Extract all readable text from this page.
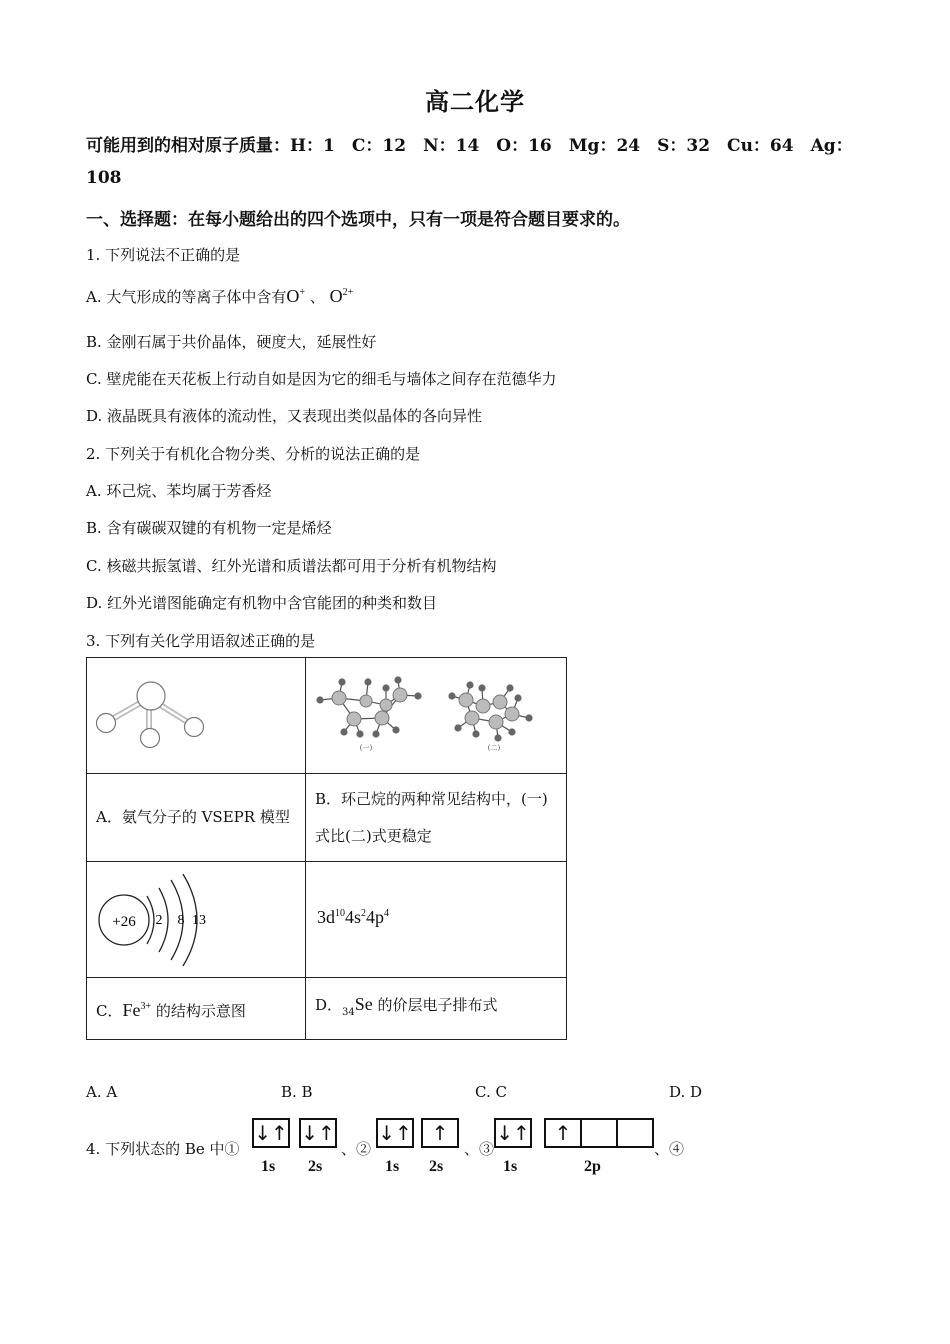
高二化学
可能用到的相对原子质量：H：1　C：12　N：14　O：16　Mg：24　S：32　Cu：64　Ag：
108
一、选择题：在每小题给出的四个选项中，只有一项是符合题目要求的。
1. 下列说法不正确的是
A. 大气形成的等离子体中含有O+ 、 $O^{2+}$
B. 金刚石属于共价晶体，硬度大，延展性好
C. 壁虎能在天花板上行动自如是因为它的细毛与墙体之间存在范德华力
D. 液晶既具有液体的流动性，又表现出类似晶体的各向异性
2. 下列关于有机化合物分类、分析的说法正确的是
A. 环己烷、苯均属于芳香烃
B. 含有碳碳双键的有机物一定是烯烃
C. 核磁共振氢谱、红外光谱和质谱法都可用于分析有机物结构
D. 红外光谱图能确定有机物中含官能团的种类和数目
3. 下列有关化学用语叙述正确的是

(一) (二)

A．氨气分子的 VSEPR 模型	B．环己烷的两种常见结构中，(一)式比(二)式更稳定

+26 2 8 13	$3d^{10}4s^24p^4$

C．$Fe^{3+}$ 的结构示意图	D．$_{34}$Se 的价层电子排布式
A. A	B. B	C. C	D. D
4. 下列状态的 Be 中①
↓↑
1s
↓↑
2s
、②
↓↑
1s
↑
2s
、③
↓↑
1s
↑
2p
、④
